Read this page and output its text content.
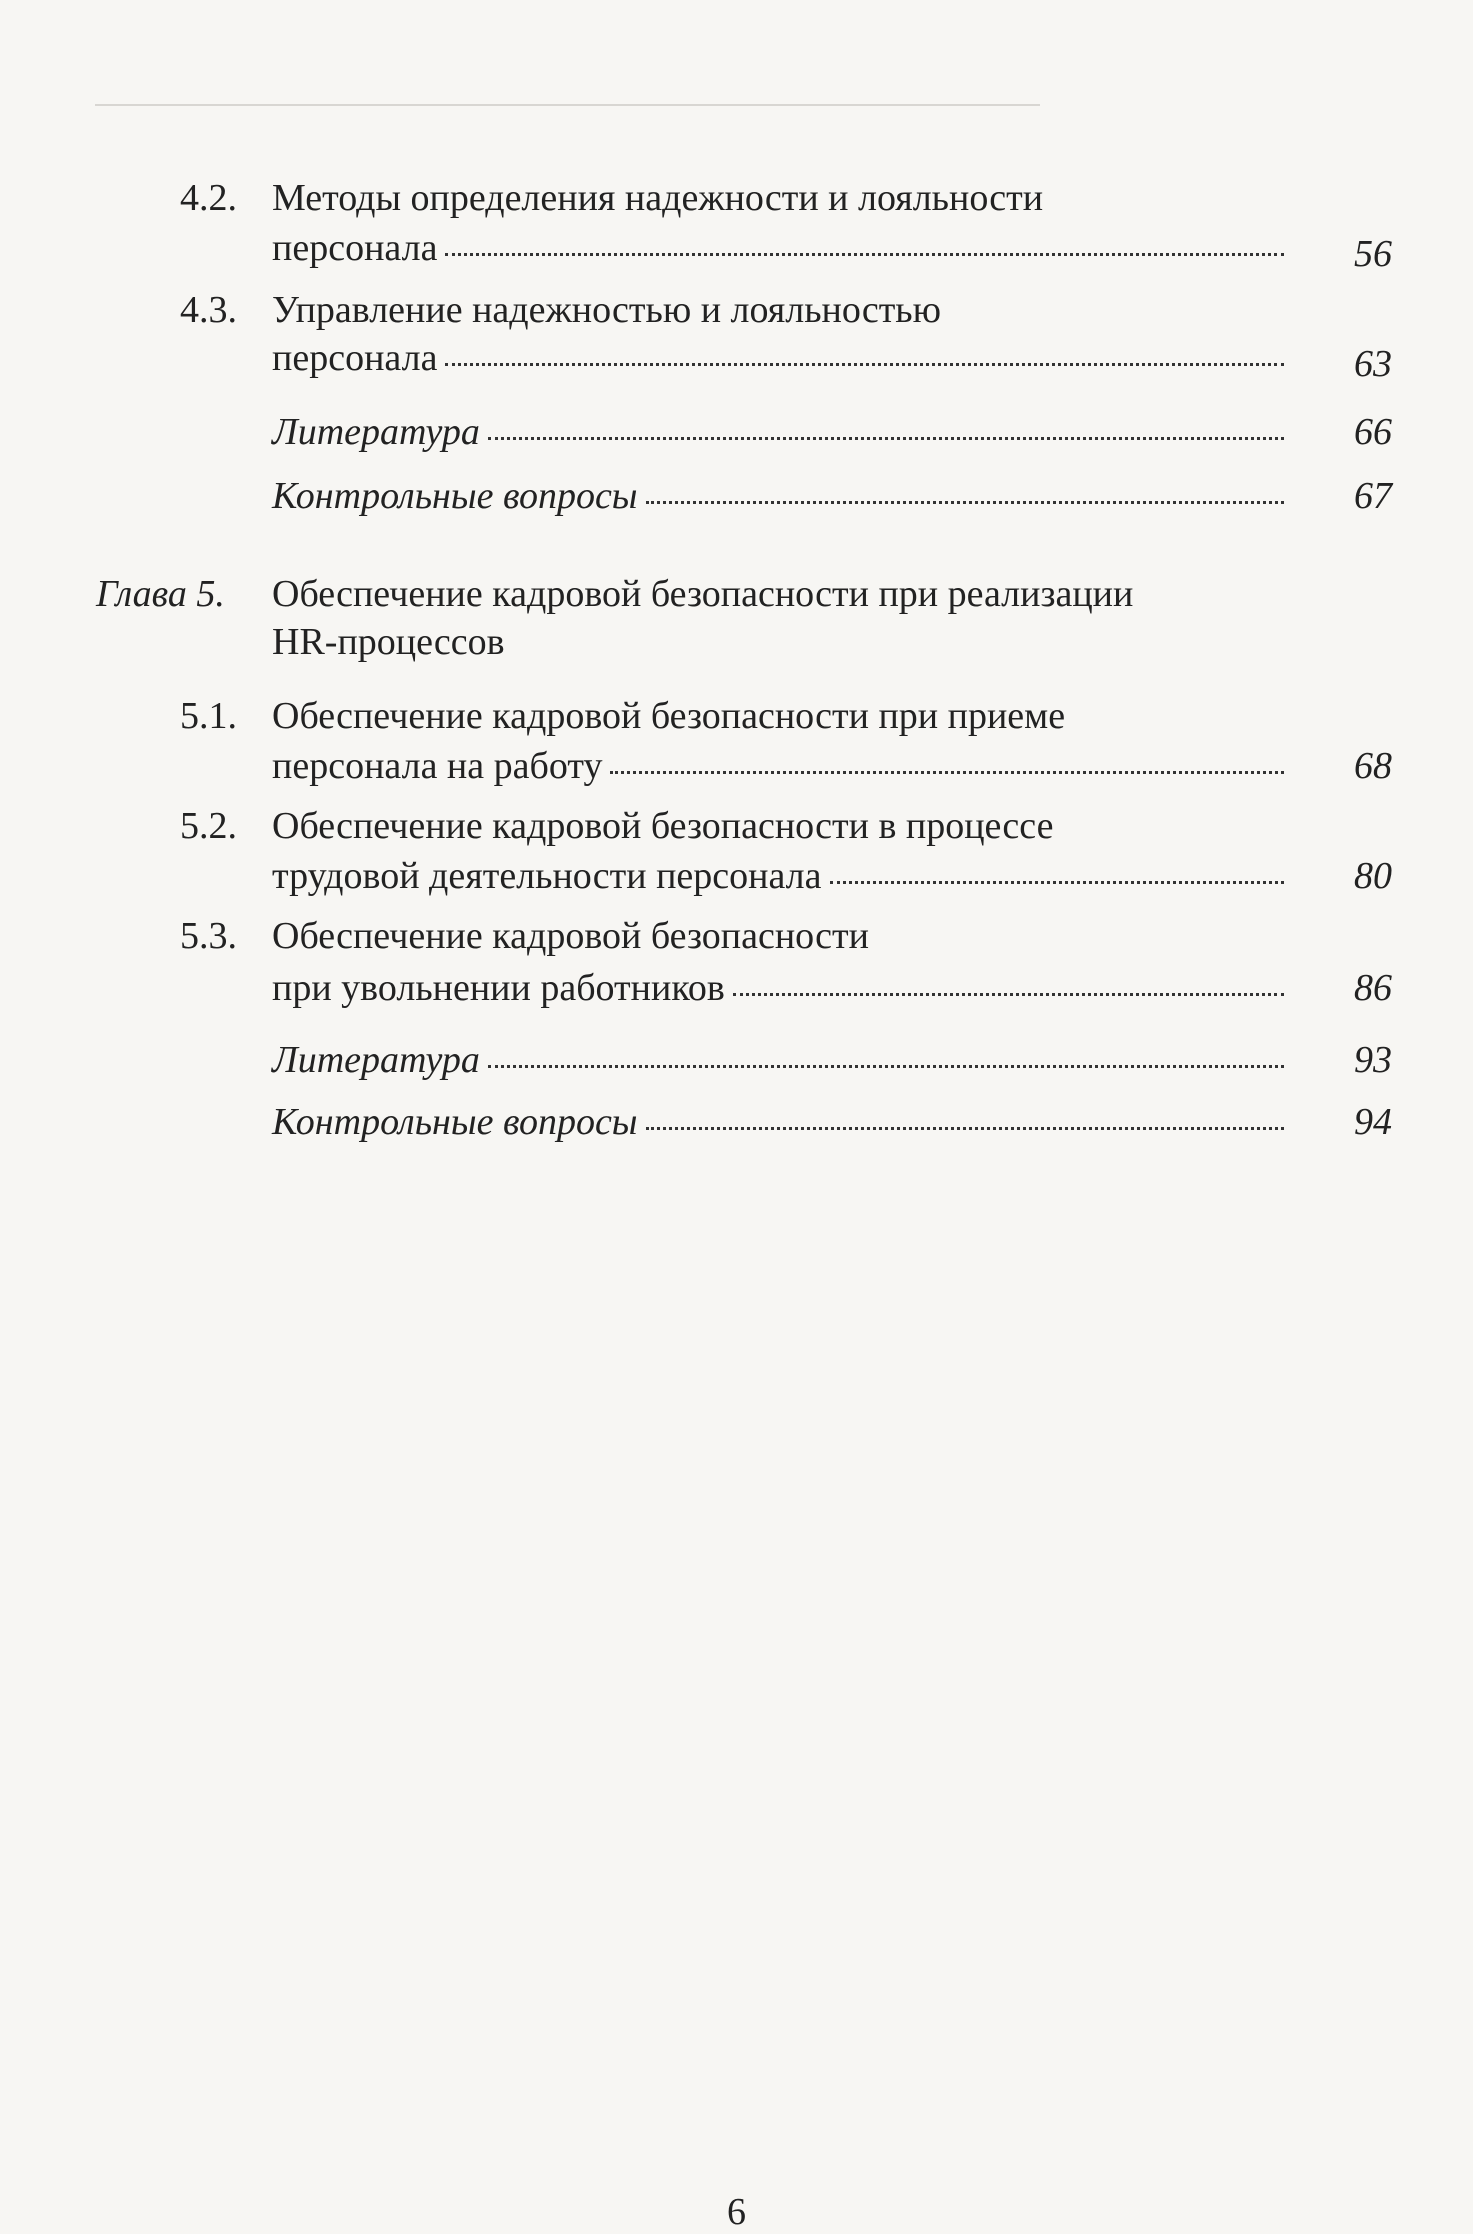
4.2. Методы определения надежности и лояльности
персонала	56
4.3. Управление надежностью и лояльностью
персонала	63
Литература	66
Контрольные вопросы	67
Глава 5. Обеспечение кадровой безопасности при реализации
HR-процессов
5.1. Обеспечение кадровой безопасности при приеме
персонала на работу	68
5.2. Обеспечение кадровой безопасности в процессе
трудовой деятельности персонала	80
5.3. Обеспечение кадровой безопасности
при увольнении работников	86
Литература	93
Контрольные вопросы	94
6
